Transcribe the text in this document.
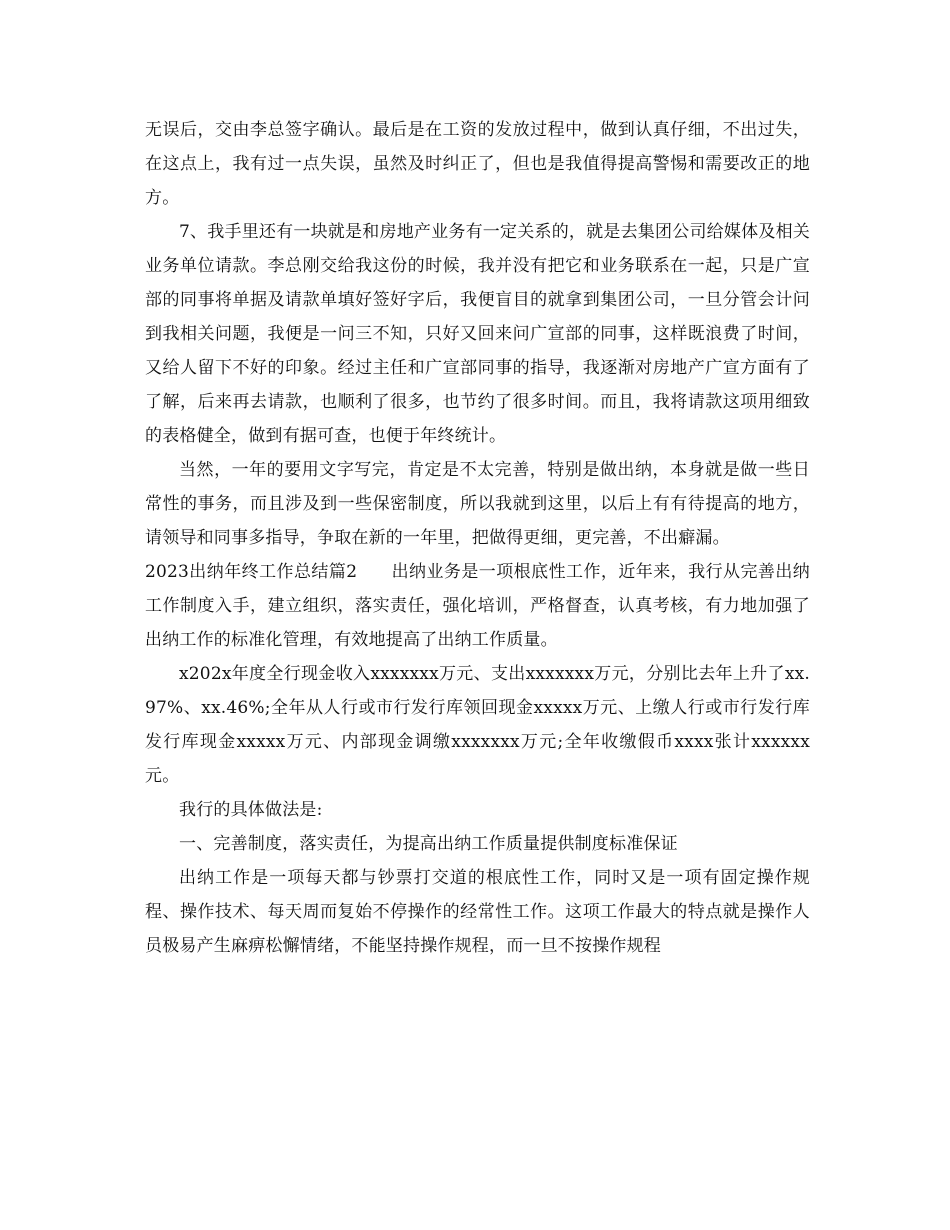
无误后，交由李总签字确认。最后是在工资的发放过程中，做到认真仔细，不出过失，在这点上，我有过一点失误，虽然及时纠正了，但也是我值得提高警惕和需要改正的地方。

7、我手里还有一块就是和房地产业务有一定关系的，就是去集团公司给媒体及相关业务单位请款。李总刚交给我这份的时候，我并没有把它和业务联系在一起，只是广宣部的同事将单据及请款单填好签好字后，我便盲目的就拿到集团公司，一旦分管会计问到我相关问题，我便是一问三不知，只好又回来问广宣部的同事，这样既浪费了时间，又给人留下不好的印象。经过主任和广宣部同事的指导，我逐渐对房地产广宣方面有了了解，后来再去请款，也顺利了很多，也节约了很多时间。而且，我将请款这项用细致的表格健全，做到有据可查，也便于年终统计。

当然，一年的要用文字写完，肯定是不太完善，特别是做出纳，本身就是做一些日常性的事务，而且涉及到一些保密制度，所以我就到这里，以后上有有待提高的地方，请领导和同事多指导，争取在新的一年里，把做得更细，更完善，不出癖漏。

2023出纳年终工作总结篇2 出纳业务是一项根底性工作，近年来，我行从完善出纳工作制度入手，建立组织，落实责任，强化培训，严格督查，认真考核，有力地加强了出纳工作的标准化管理，有效地提高了出纳工作质量。

x202x年度全行现金收入xxxxxxx万元、支出xxxxxxx万元，分别比去年上升了xx.97%、xx.46%;全年从人行或市行发行库领回现金xxxxx万元、上缴人行或市行发行库发行库现金xxxxx万元、内部现金调缴xxxxxxx万元;全年收缴假币xxxx张计xxxxxx元。

我行的具体做法是:

一、完善制度，落实责任，为提高出纳工作质量提供制度标准保证

出纳工作是一项每天都与钞票打交道的根底性工作，同时又是一项有固定操作规程、操作技术、每天周而复始不停操作的经常性工作。这项工作最大的特点就是操作人员极易产生麻痹松懈情绪，不能坚持操作规程，而一旦不按操作规程
